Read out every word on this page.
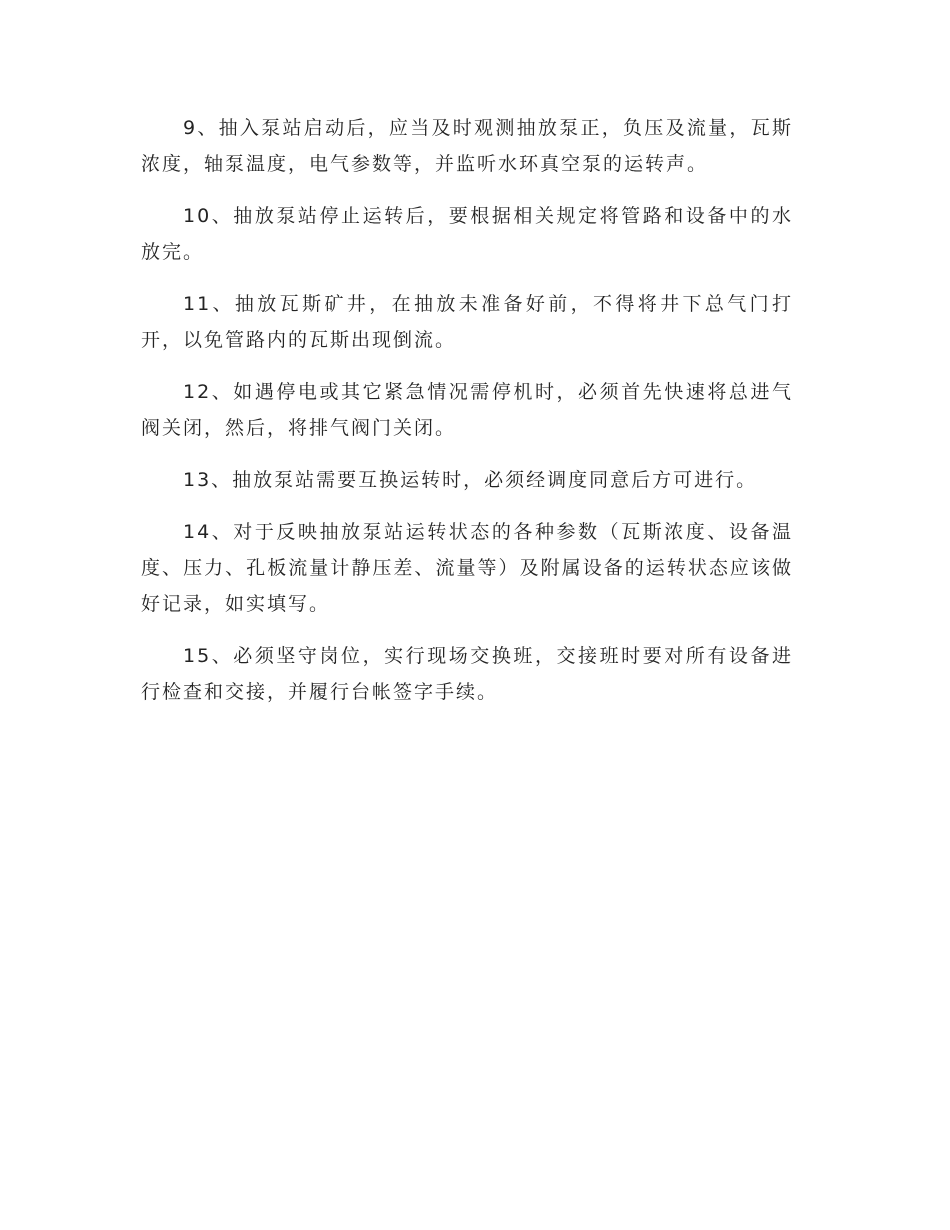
9、抽入泵站启动后，应当及时观测抽放泵正，负压及流量，瓦斯浓度，轴泵温度，电气参数等，并监听水环真空泵的运转声。

10、抽放泵站停止运转后，要根据相关规定将管路和设备中的水放完。

11、抽放瓦斯矿井，在抽放未准备好前，不得将井下总气门打开，以免管路内的瓦斯出现倒流。

12、如遇停电或其它紧急情况需停机时，必须首先快速将总进气阀关闭，然后，将排气阀门关闭。

13、抽放泵站需要互换运转时，必须经调度同意后方可进行。

14、对于反映抽放泵站运转状态的各种参数（瓦斯浓度、设备温度、压力、孔板流量计静压差、流量等）及附属设备的运转状态应该做好记录，如实填写。

15、必须坚守岗位，实行现场交换班，交接班时要对所有设备进行检查和交接，并履行台帐签字手续。
